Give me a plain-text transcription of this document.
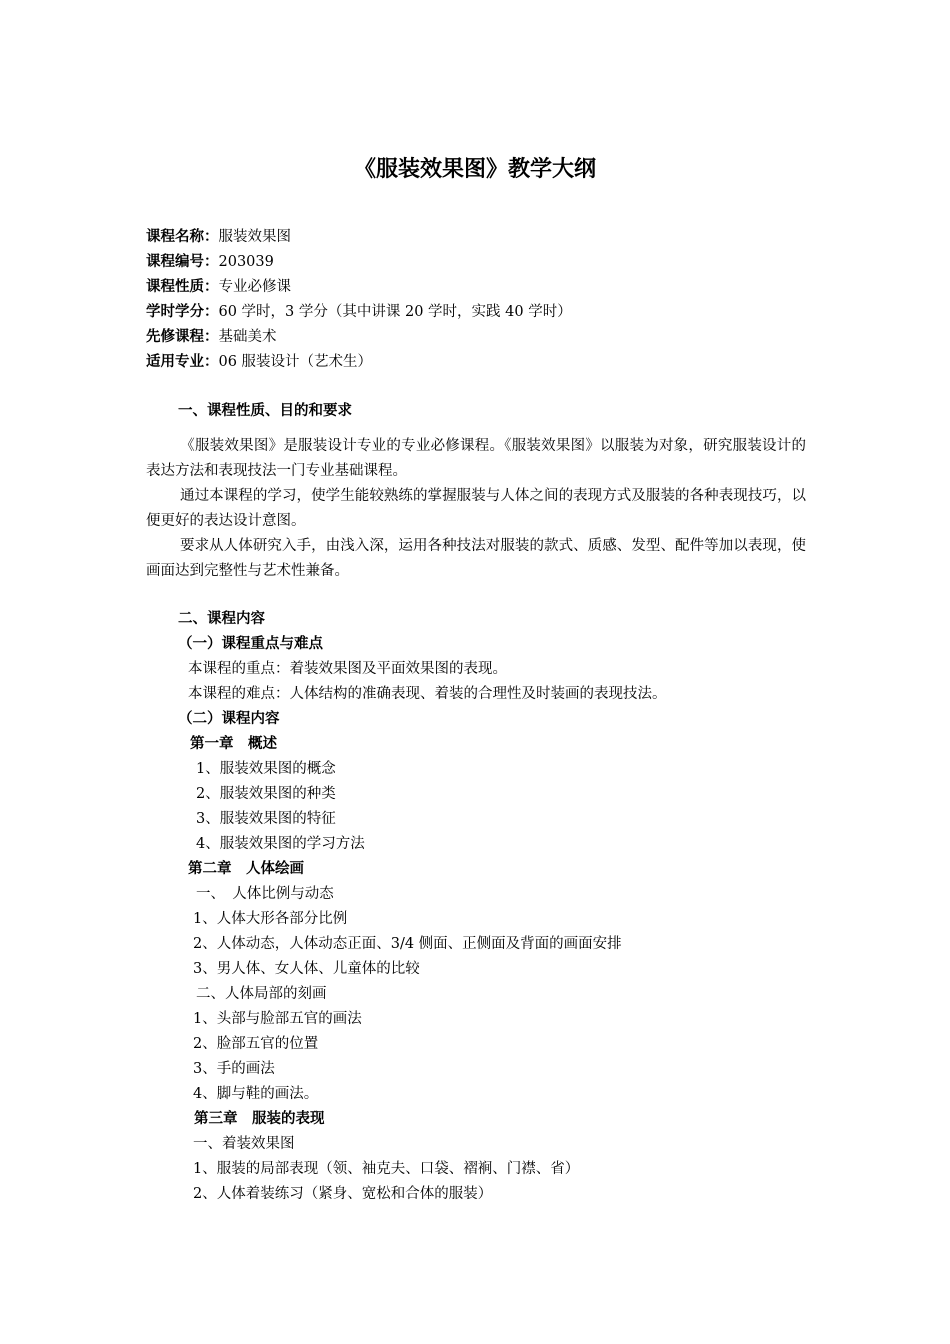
《服装效果图》教学大纲
课程名称：服装效果图
课程编号：203039
课程性质：专业必修课
学时学分：60 学时，3 学分（其中讲课 20 学时，实践 40 学时）
先修课程：基础美术
适用专业：06 服装设计（艺术生）
一、课程性质、目的和要求
《服装效果图》是服装设计专业的专业必修课程。《服装效果图》以服装为对象，研究服装设计的表达方法和表现技法一门专业基础课程。
通过本课程的学习，使学生能较熟练的掌握服装与人体之间的表现方式及服装的各种表现技巧，以便更好的表达设计意图。
要求从人体研究入手，由浅入深，运用各种技法对服装的款式、质感、发型、配件等加以表现，使画面达到完整性与艺术性兼备。
二、课程内容
（一）课程重点与难点
本课程的重点：着装效果图及平面效果图的表现。
本课程的难点：人体结构的准确表现、着装的合理性及时装画的表现技法。
（二）课程内容
第一章　概述
1、服装效果图的概念
2、服装效果图的种类
3、服装效果图的特征
4、服装效果图的学习方法
第二章　人体绘画
一、　人体比例与动态
1、人体大形各部分比例
2、人体动态，人体动态正面、3/4 侧面、正侧面及背面的画面安排
3、男人体、女人体、儿童体的比较
二、人体局部的刻画
1、头部与脸部五官的画法
2、脸部五官的位置
3、手的画法
4、脚与鞋的画法。
第三章　服装的表现
一、着装效果图
1、服装的局部表现（领、袖克夫、口袋、褶裥、门襟、省）
2、人体着装练习（紧身、宽松和合体的服装）
